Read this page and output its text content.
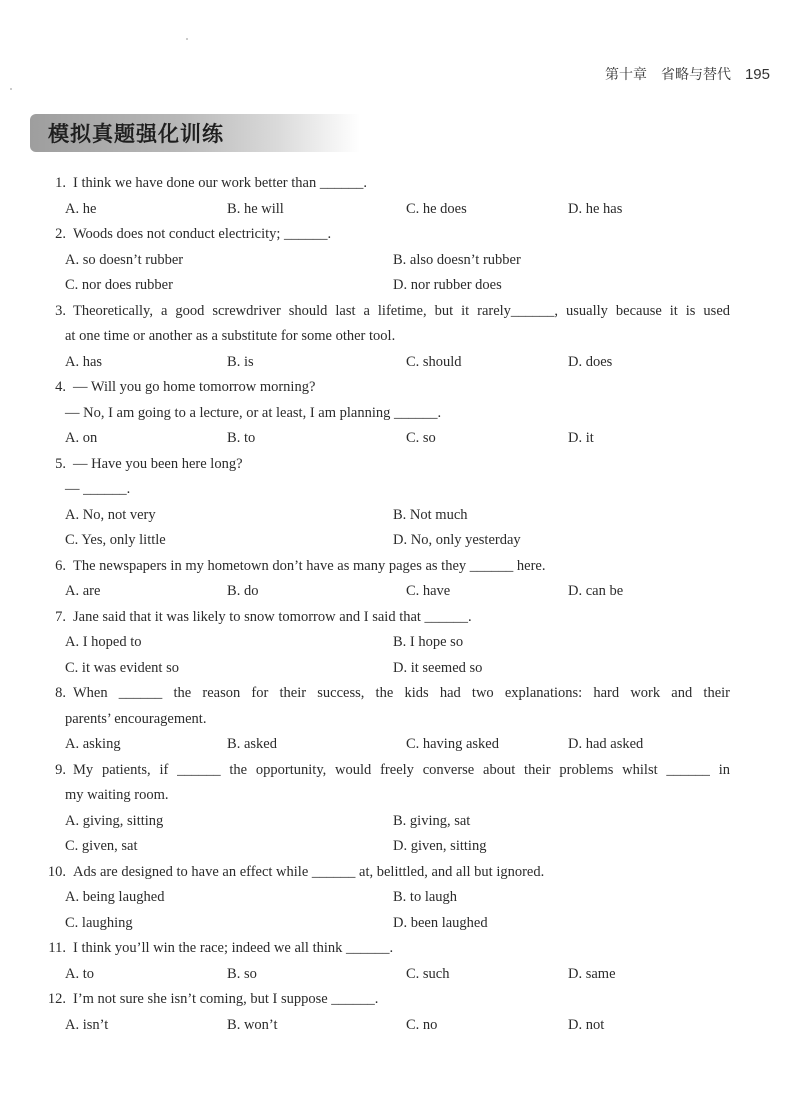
第十章　省略与替代 195
模拟真题强化训练
1. I think we have done our work better than ______.
A. he	B. he will	C. he does	D. he has
2. Woods does not conduct electricity; ______.
A. so doesn’t rubber	B. also doesn’t rubber
C. nor does rubber	D. nor rubber does
3. Theoretically, a good screwdriver should last a lifetime, but it rarely______, usually because it is used
at one time or another as a substitute for some other tool.
A. has	B. is	C. should	D. does
4. — Will you go home tomorrow morning?
— No, I am going to a lecture, or at least, I am planning ______.
A. on	B. to	C. so	D. it
5. — Have you been here long?
— ______.
A. No, not very	B. Not much
C. Yes, only little	D. No, only yesterday
6. The newspapers in my hometown don’t have as many pages as they ______ here.
A. are	B. do	C. have	D. can be
7. Jane said that it was likely to snow tomorrow and I said that ______.
A. I hoped to	B. I hope so
C. it was evident so	D. it seemed so
8. When ______ the reason for their success, the kids had two explanations: hard work and their
parents’ encouragement.
A. asking	B. asked	C. having asked	D. had asked
9. My patients, if ______ the opportunity, would freely converse about their problems whilst ______ in
my waiting room.
A. giving, sitting	B. giving, sat
C. given, sat	D. given, sitting
10. Ads are designed to have an effect while ______ at, belittled, and all but ignored.
A. being laughed	B. to laugh
C. laughing	D. been laughed
11. I think you’ll win the race; indeed we all think ______.
A. to	B. so	C. such	D. same
12. I’m not sure she isn’t coming, but I suppose ______.
A. isn’t	B. won’t	C. no	D. not
